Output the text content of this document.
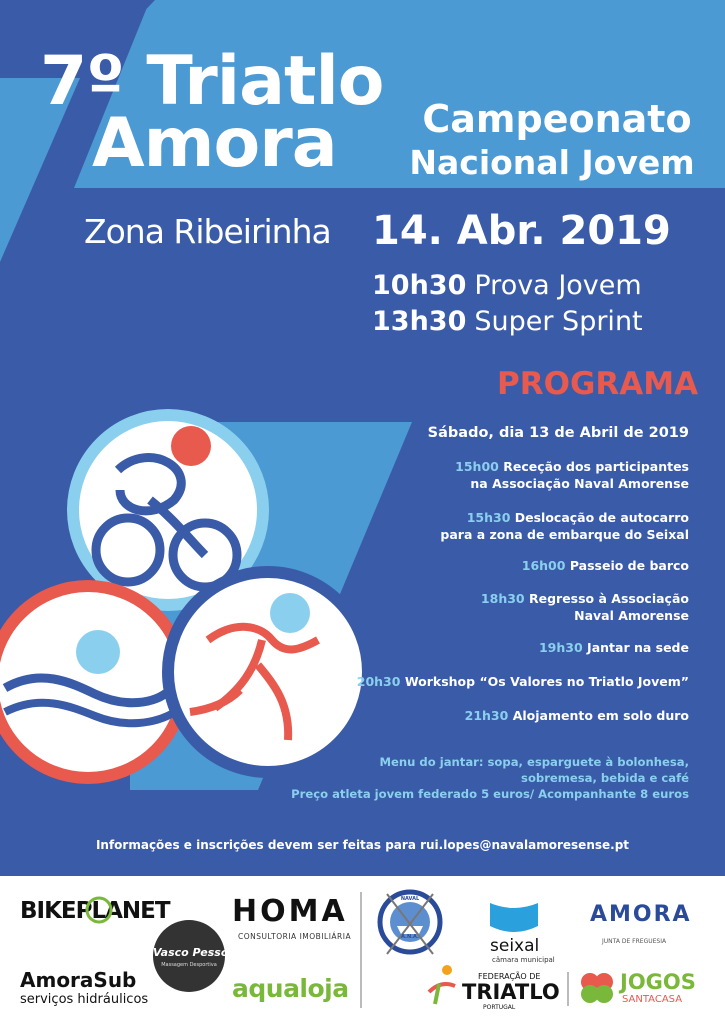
7º Triatlo
Amora	Campeonato
Nacional Jovem
Zona Ribeirinha 14. Abr. 2019
10h30 Prova Jovem
13h30 Super Sprint
PROGRAMA
Sábado, dia 13 de Abril de 2019
15h00 Receção dos participantes
na Associação Naval Amorense
15h30 Deslocação de autocarro
para a zona de embarque do Seixal
16h00 Passeio de barco
18h30 Regresso à Associação
Naval Amorense
19h30 Jantar na sede
20h30 Workshop “Os Valores no Triatlo Jovem”
21h30 Alojamento em solo duro
Menu do jantar: sopa, esparguete à bolonhesa,
sobremesa, bebida e café
Preço atleta jovem federado 5 euros/ Acompanhante 8 euros
Informações e inscrições devem ser feitas para rui.lopes@navalamoresense.pt
BIKEPLANET
Vasco Pessoa
Massagem Desportiva
AmoraSub
serviços hidráulicos
HOMA
CONSULTORIA IMOBILIÁRIA
aqualoja
NAVAL
A.N.A.	seixal
câmara municipal
AMORA
JUNTA DE FREGUESIA
FEDERAÇÃO DE
TRIATLO
PORTUGAL
JOGOS
SANTACASA
